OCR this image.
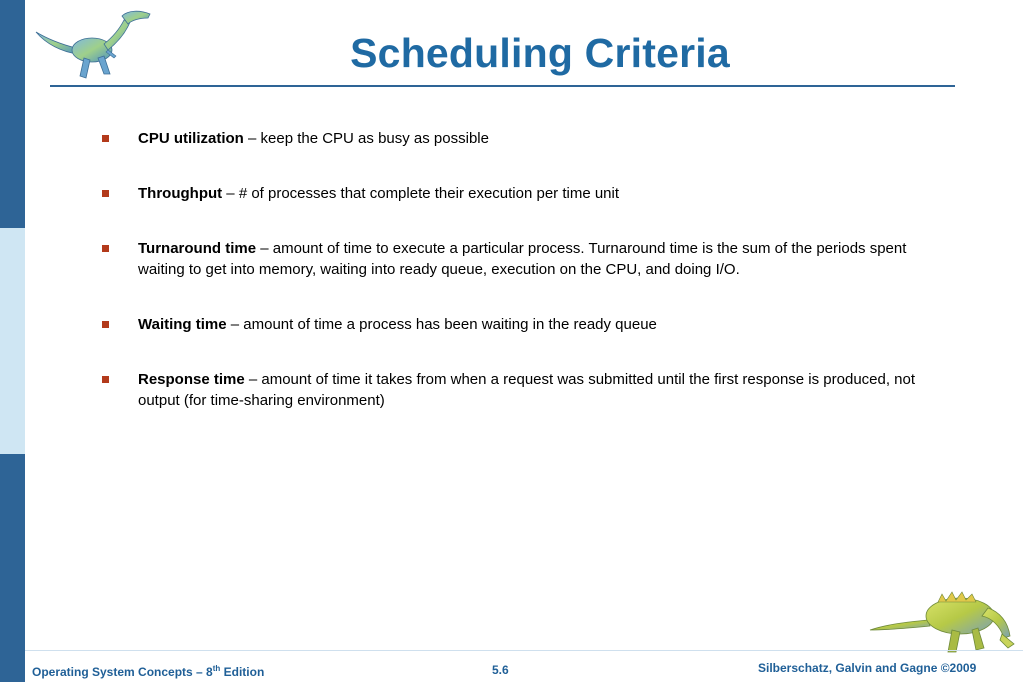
Scheduling Criteria
CPU utilization – keep the CPU as busy as possible
Throughput – # of processes that complete their execution per time unit
Turnaround time – amount of time to execute a particular process. Turnaround time is the sum of the periods spent waiting to get into memory, waiting into ready queue, execution on the CPU, and doing I/O.
Waiting time – amount of time a process has been waiting in the ready queue
Response time – amount of time it takes from when a request was submitted until the first response is produced, not output (for time-sharing environment)
Operating System Concepts – 8th Edition	5.6	Silberschatz, Galvin and Gagne ©2009
